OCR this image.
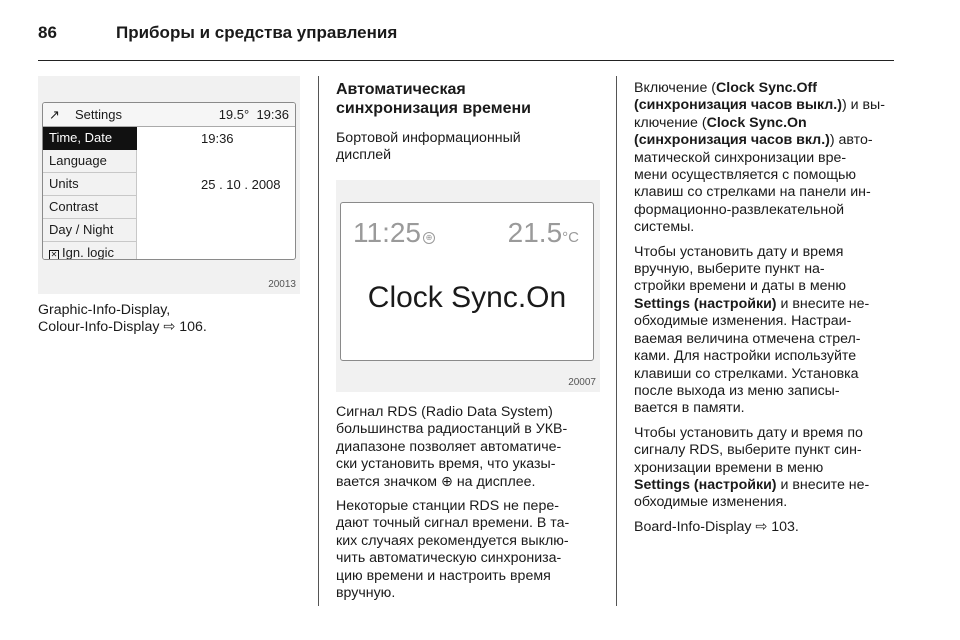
86	Приборы и средства управления
↗ Settings	19.5° 19:36
Time, Date
Language
Units
Contrast
Day / Night
✕ Ign. logic
19:36
25 . 10 . 2008
20013

Graphic-Info-Display,
Colour-Info-Display ⇨ 106.

Автоматическая
синхронизация времени
Бортовой информационный
дисплей
11:25 ⊕	21.5°C
Clock Sync.On
20007

Сигнал RDS (Radio Data System)
большинства радиостанций в УКВ-
диапазоне позволяет автоматиче-
ски установить время, что указы-
вается значком ⊕ на дисплее.

Некоторые станции RDS не пере-
дают точный сигнал времени. В та-
ких случаях рекомендуется выклю-
чить автоматическую синхрониза-
цию времени и настроить время
вручную.

Включение (Clock Sync.Off
(синхронизация часов выкл.)) и вы-
ключение (Clock Sync.On
(синхронизация часов вкл.)) авто-
матической синхронизации вре-
мени осуществляется с помощью
клавиш со стрелками на панели ин-
формационно-развлекательной
системы.

Чтобы установить дату и время
вручную, выберите пункт на-
стройки времени и даты в меню
Settings (настройки) и внесите не-
обходимые изменения. Настраи-
ваемая величина отмечена стрел-
ками. Для настройки используйте
клавиши со стрелками. Установка
после выхода из меню записы-
вается в памяти.

Чтобы установить дату и время по
сигналу RDS, выберите пункт син-
хронизации времени в меню
Settings (настройки) и внесите не-
обходимые изменения.

Board-Info-Display ⇨ 103.
